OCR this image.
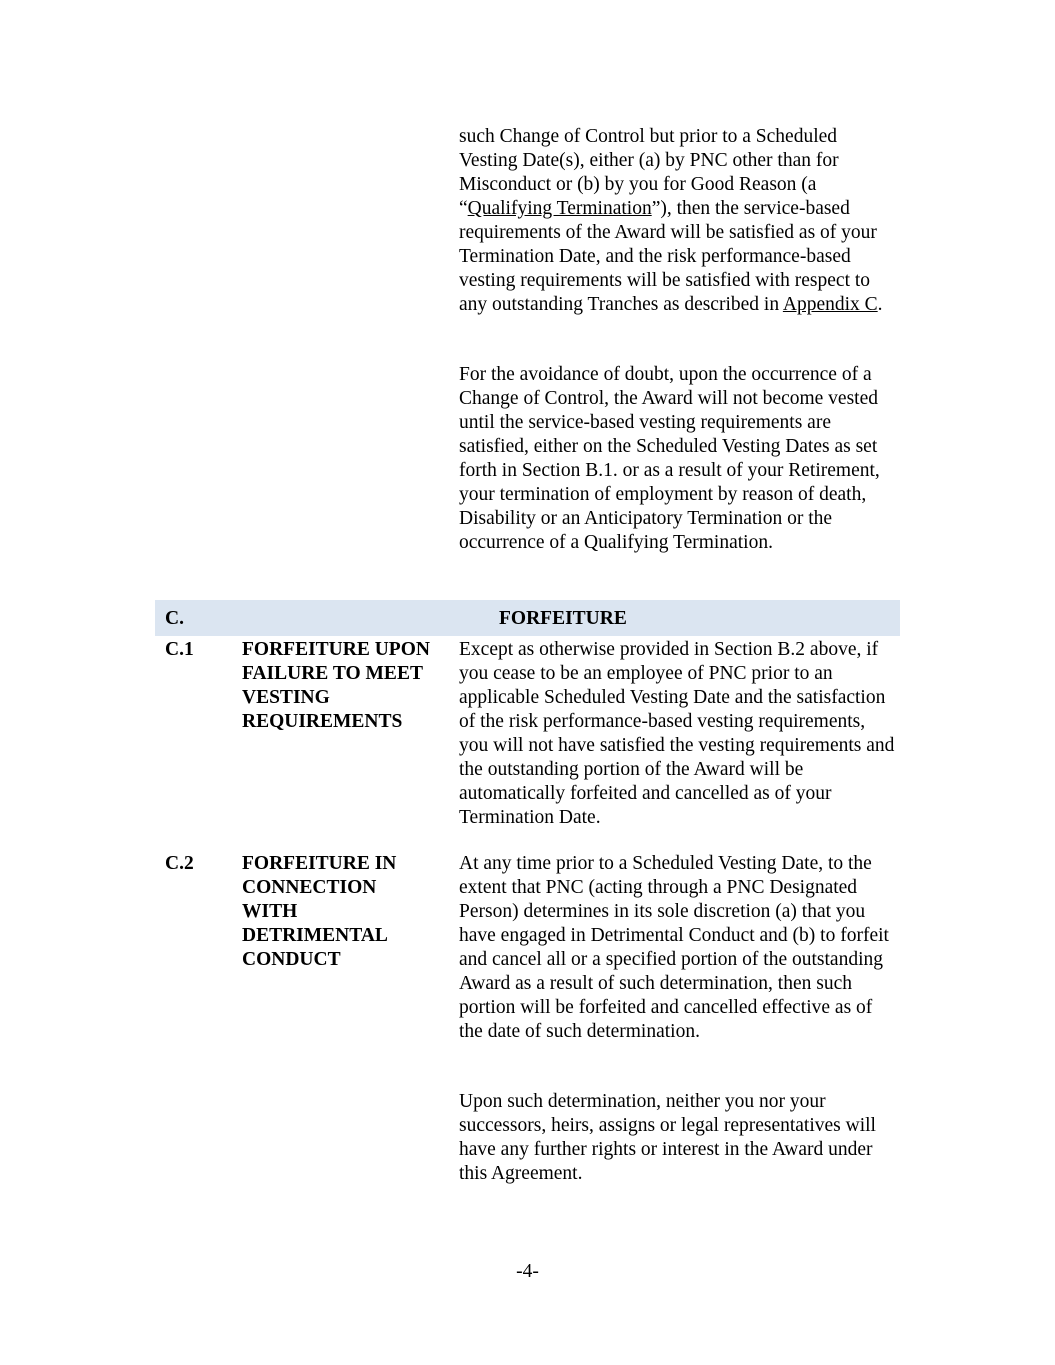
such Change of Control but prior to a Scheduled Vesting Date(s), either (a) by PNC other than for Misconduct or (b) by you for Good Reason (a “Qualifying Termination”), then the service-based requirements of the Award will be satisfied as of your Termination Date, and the risk performance-based vesting requirements will be satisfied with respect to any outstanding Tranches as described in Appendix C.

For the avoidance of doubt, upon the occurrence of a Change of Control, the Award will not become vested until the service-based vesting requirements are satisfied, either on the Scheduled Vesting Dates as set forth in Section B.1. or as a result of your Retirement, your termination of employment by reason of death, Disability or an Anticipatory Termination or the occurrence of a Qualifying Termination.

C.	FORFEITURE
C.1 FORFEITURE UPON FAILURE TO MEET VESTING REQUIREMENTS

Except as otherwise provided in Section B.2 above, if you cease to be an employee of PNC prior to an applicable Scheduled Vesting Date and the satisfaction of the risk performance-based vesting requirements, you will not have satisfied the vesting requirements and the outstanding portion of the Award will be automatically forfeited and cancelled as of your Termination Date.

C.2 FORFEITURE IN CONNECTION WITH DETRIMENTAL CONDUCT

At any time prior to a Scheduled Vesting Date, to the extent that PNC (acting through a PNC Designated Person) determines in its sole discretion (a) that you have engaged in Detrimental Conduct and (b) to forfeit and cancel all or a specified portion of the outstanding Award as a result of such determination, then such portion will be forfeited and cancelled effective as of the date of such determination.

Upon such determination, neither you nor your successors, heirs, assigns or legal representatives will have any further rights or interest in the Award under this Agreement.

-4-
